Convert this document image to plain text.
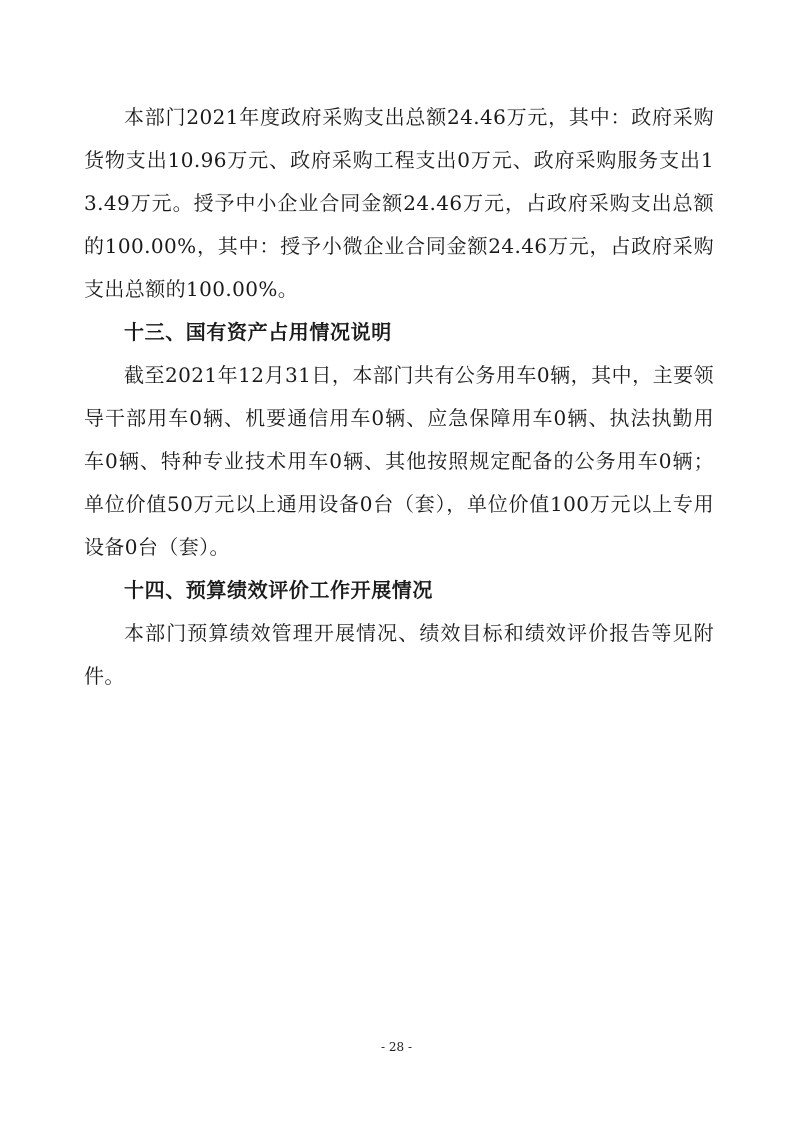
本部门2021年度政府采购支出总额24.46万元，其中：政府采购货物支出10.96万元、政府采购工程支出0万元、政府采购服务支出13.49万元。授予中小企业合同金额24.46万元，占政府采购支出总额的100.00%，其中：授予小微企业合同金额24.46万元，占政府采购支出总额的100.00%。

十三、国有资产占用情况说明

截至2021年12月31日，本部门共有公务用车0辆，其中，主要领导干部用车0辆、机要通信用车0辆、应急保障用车0辆、执法执勤用车0辆、特种专业技术用车0辆、其他按照规定配备的公务用车0辆；单位价值50万元以上通用设备0台（套），单位价值100万元以上专用设备0台（套）。

十四、预算绩效评价工作开展情况

本部门预算绩效管理开展情况、绩效目标和绩效评价报告等见附件。

- 28 -
